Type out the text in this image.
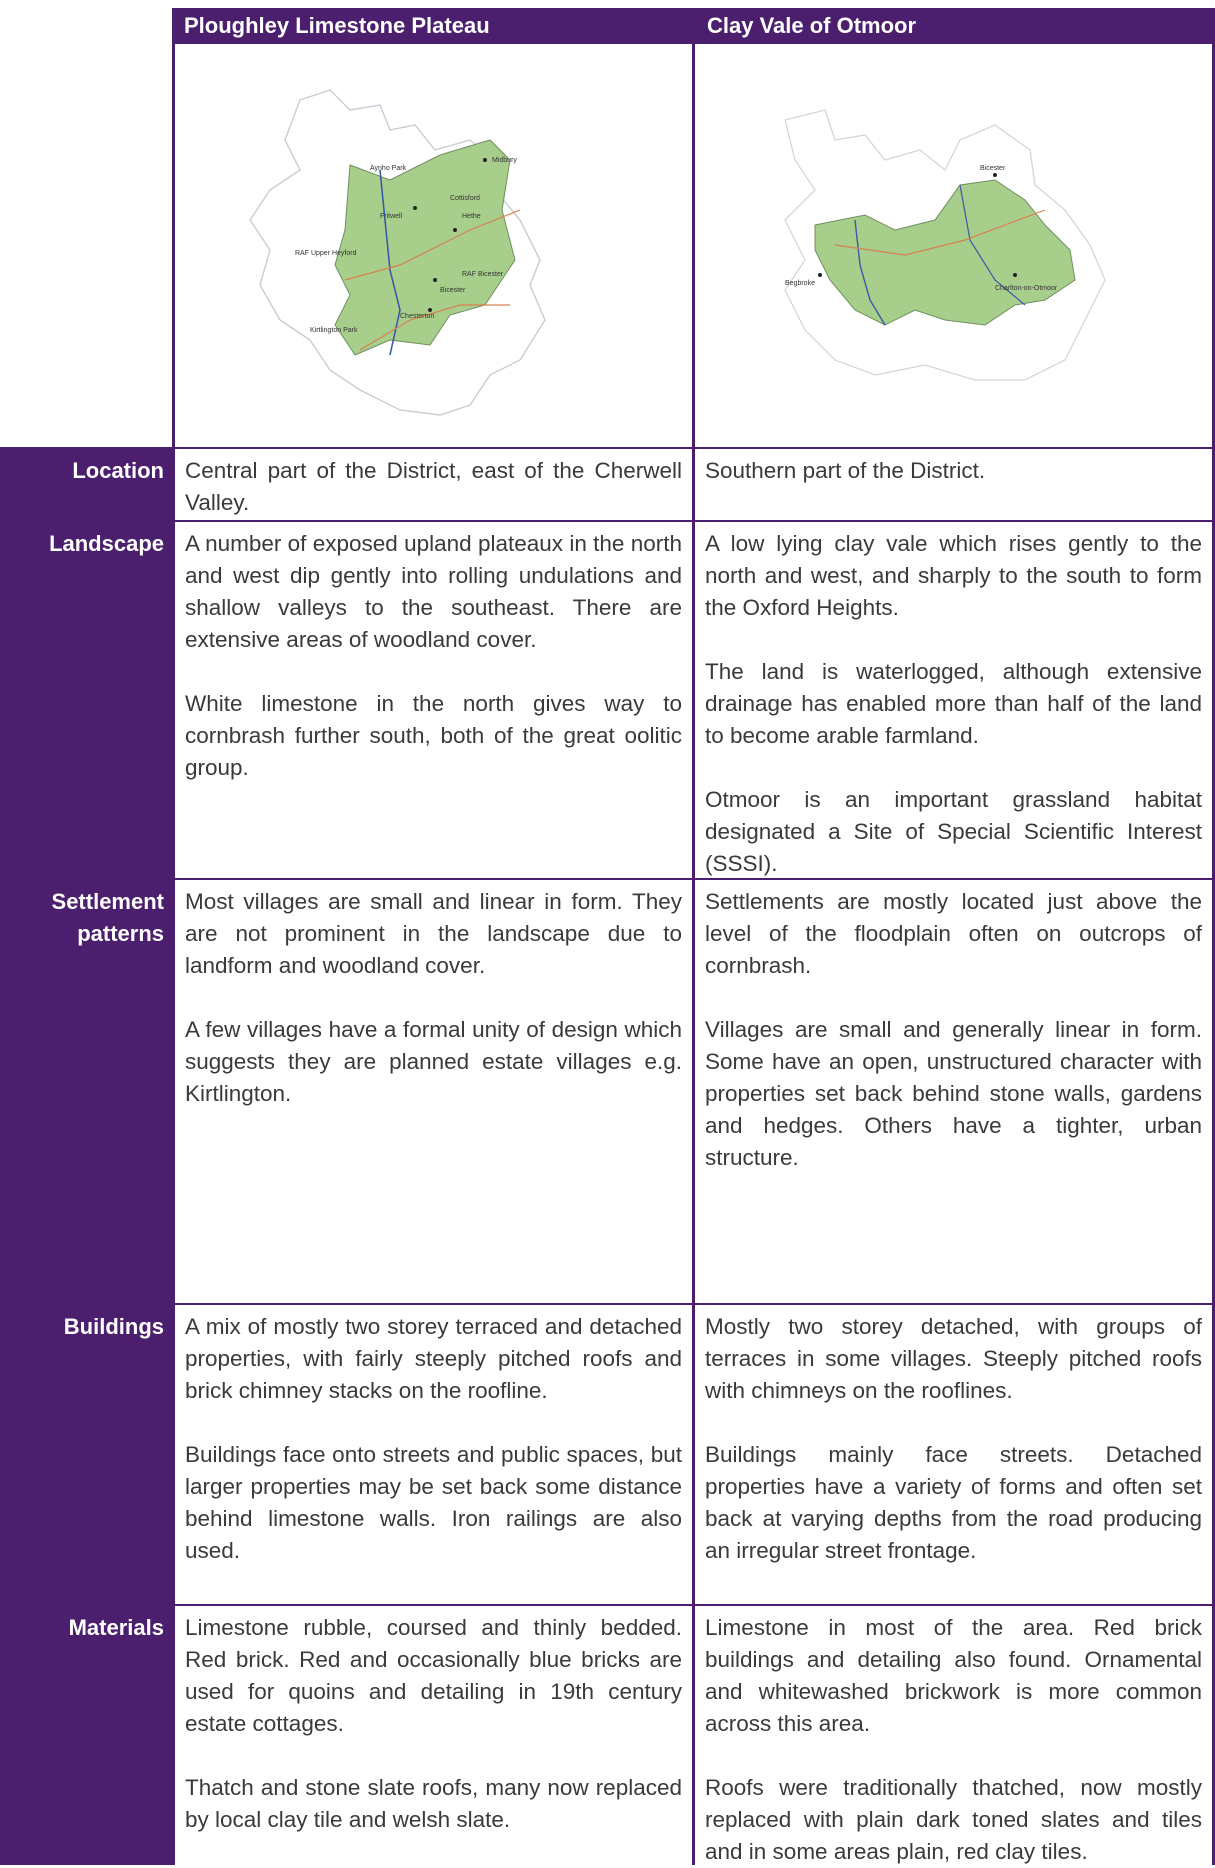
Ploughley Limestone Plateau	Clay Vale of Otmoor
Aynho Park
Midbury
Cottisford
Fritwell	Hethe
RAF Upper Heyford
RAF Bicester
Bicester
Chesterton
Kirtlington Park
Bicester
Charlton-on-Otmoor
Begbroke
Location
Landscape
Settlement patterns
Buildings
Materials

Central part of the District, east of the Cherwell Valley.

Southern part of the District.

A number of exposed upland plateaux in the north and west dip gently into rolling undulations and shallow valleys to the southeast. There are extensive areas of woodland cover.

White limestone in the north gives way to cornbrash further south, both of the great oolitic group.

A low lying clay vale which rises gently to the north and west, and sharply to the south to form the Oxford Heights.

The land is waterlogged, although extensive drainage has enabled more than half of the land to become arable farmland.

Otmoor is an important grassland habitat designated a Site of Special Scientific Interest (SSSI).

Most villages are small and linear in form. They are not prominent in the landscape due to landform and woodland cover.

A few villages have a formal unity of design which suggests they are planned estate villages e.g. Kirtlington.

Settlements are mostly located just above the level of the floodplain often on outcrops of cornbrash.

Villages are small and generally linear in form. Some have an open, unstructured character with properties set back behind stone walls, gardens and hedges. Others have a tighter, urban structure.

A mix of mostly two storey terraced and detached properties, with fairly steeply pitched roofs and brick chimney stacks on the roofline.

Buildings face onto streets and public spaces, but larger properties may be set back some distance behind limestone walls. Iron railings are also used.

Mostly two storey detached, with groups of terraces in some villages. Steeply pitched roofs with chimneys on the rooflines.

Buildings mainly face streets. Detached properties have a variety of forms and often set back at varying depths from the road producing an irregular street frontage.

Limestone rubble, coursed and thinly bedded. Red brick. Red and occasionally blue bricks are used for quoins and detailing in 19th century estate cottages.

Thatch and stone slate roofs, many now replaced by local clay tile and welsh slate.

Limestone in most of the area. Red brick buildings and detailing also found. Ornamental and whitewashed brickwork is more common across this area.

Roofs were traditionally thatched, now mostly replaced with plain dark toned slates and tiles and in some areas plain, red clay tiles.
